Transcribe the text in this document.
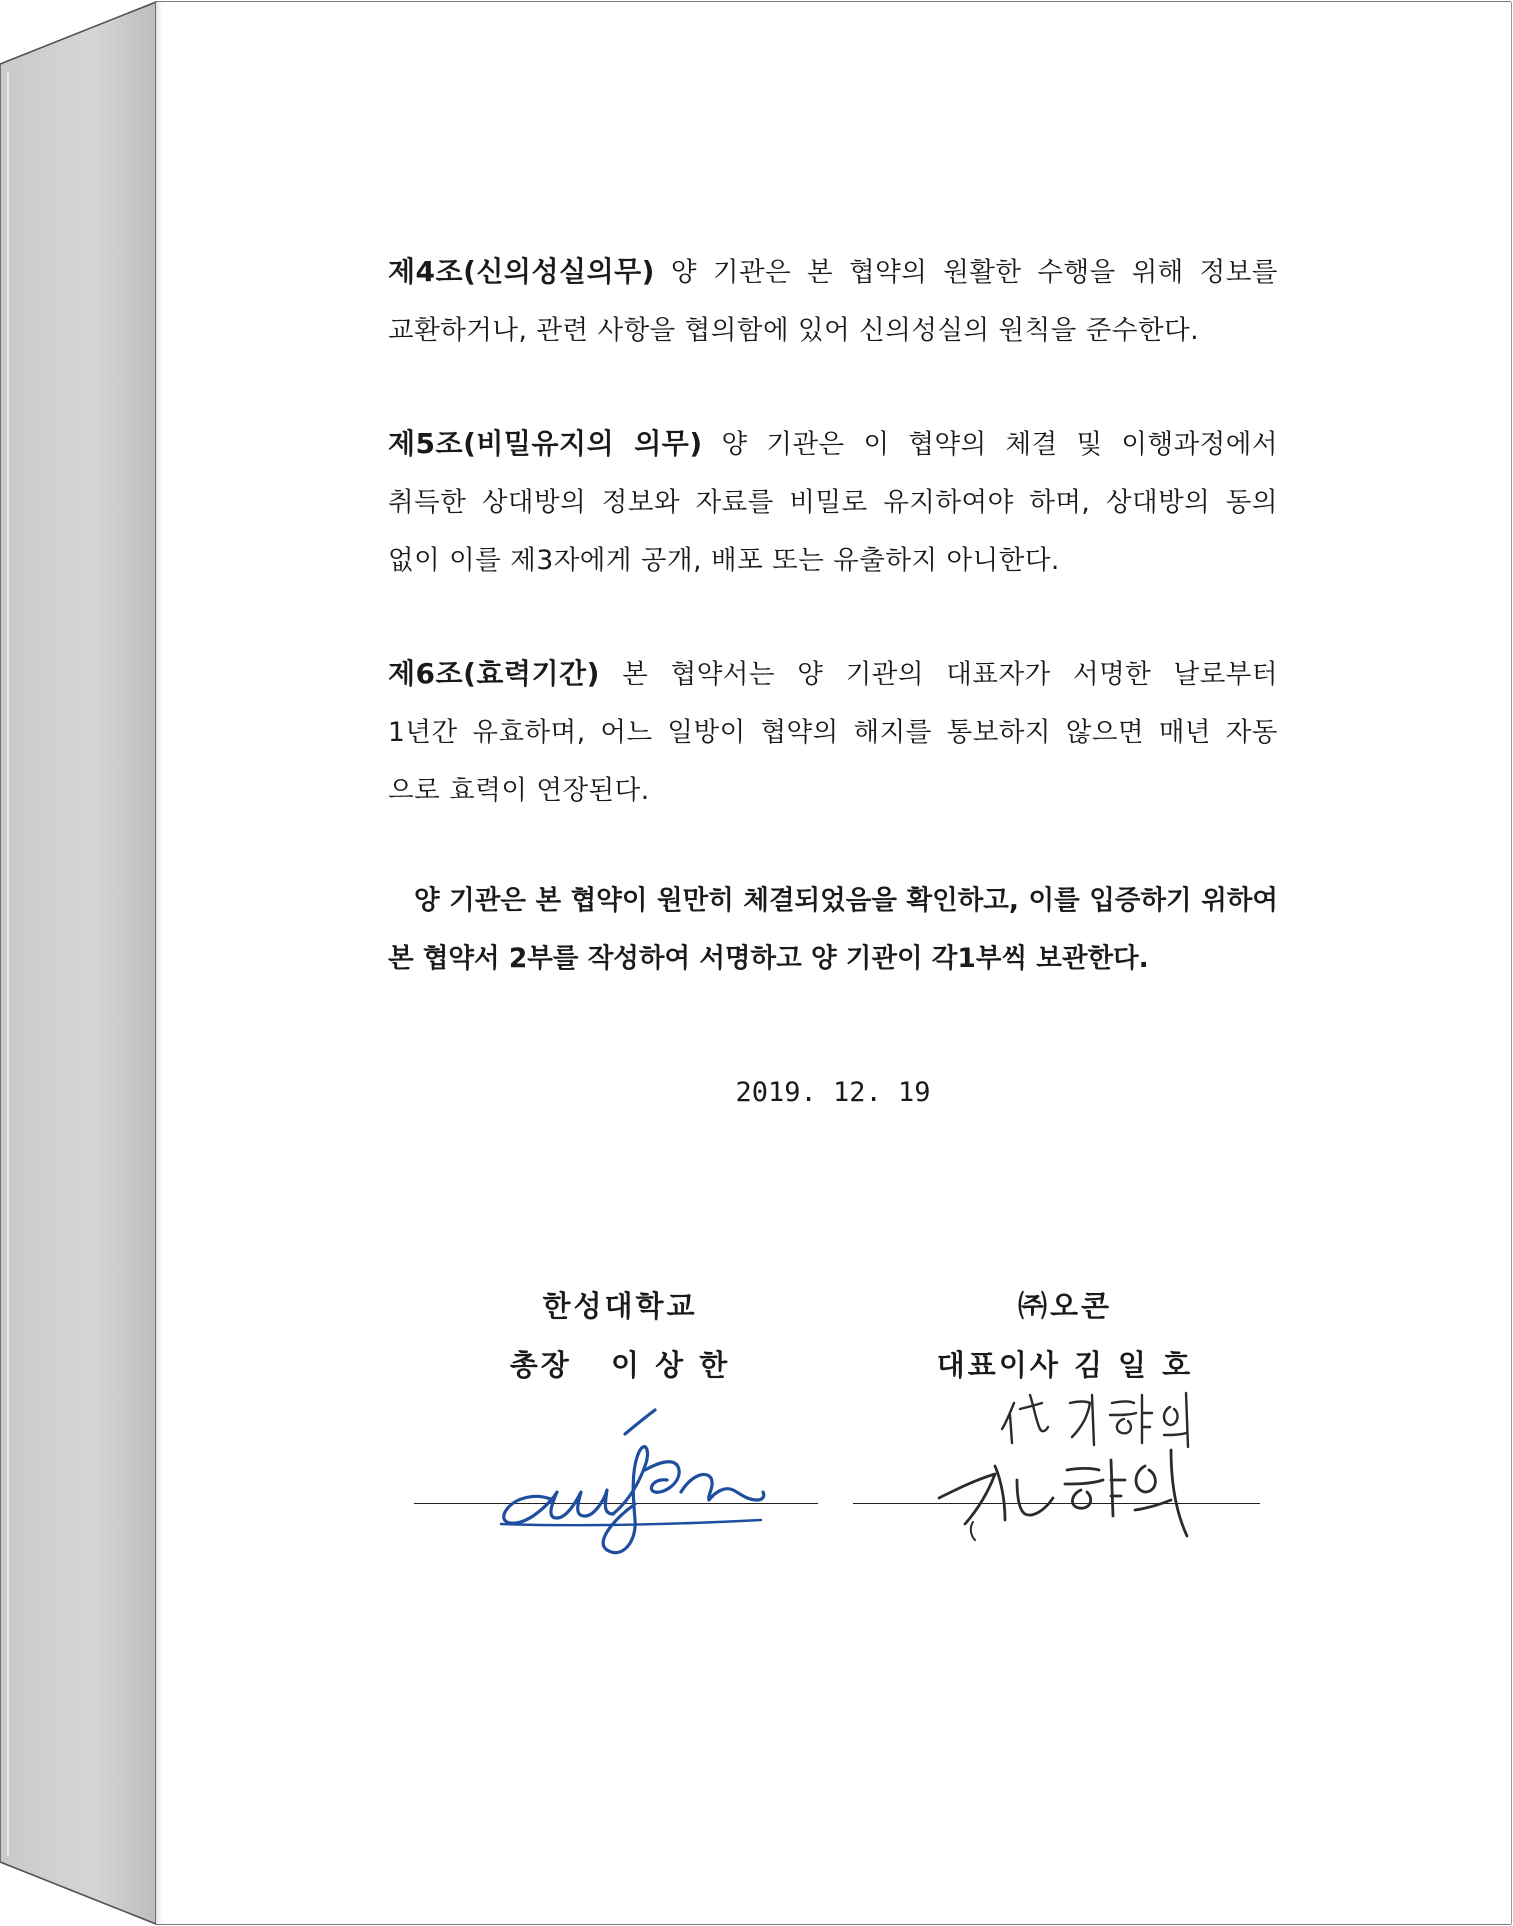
제4조(신의성실의무) 양 기관은 본 협약의 원활한 수행을 위해 정보를
교환하거나, 관련 사항을 협의함에 있어 신의성실의 원칙을 준수한다.
제5조(비밀유지의 의무) 양 기관은 이 협약의 체결 및 이행과정에서
취득한 상대방의 정보와 자료를 비밀로 유지하여야 하며, 상대방의 동의
없이 이를 제3자에게 공개, 배포 또는 유출하지 아니한다.
제6조(효력기간) 본 협약서는 양 기관의 대표자가 서명한 날로부터
1년간 유효하며, 어느 일방이 협약의 해지를 통보하지 않으면 매년 자동
으로 효력이 연장된다.
양 기관은 본 협약이 원만히 체결되었음을 확인하고, 이를 입증하기 위하여
본 협약서 2부를 작성하여 서명하고 양 기관이 각1부씩 보관한다.
2019. 12. 19
한성대학교
총장   이 상 한
㈜오콘
대표이사 김 일 호
